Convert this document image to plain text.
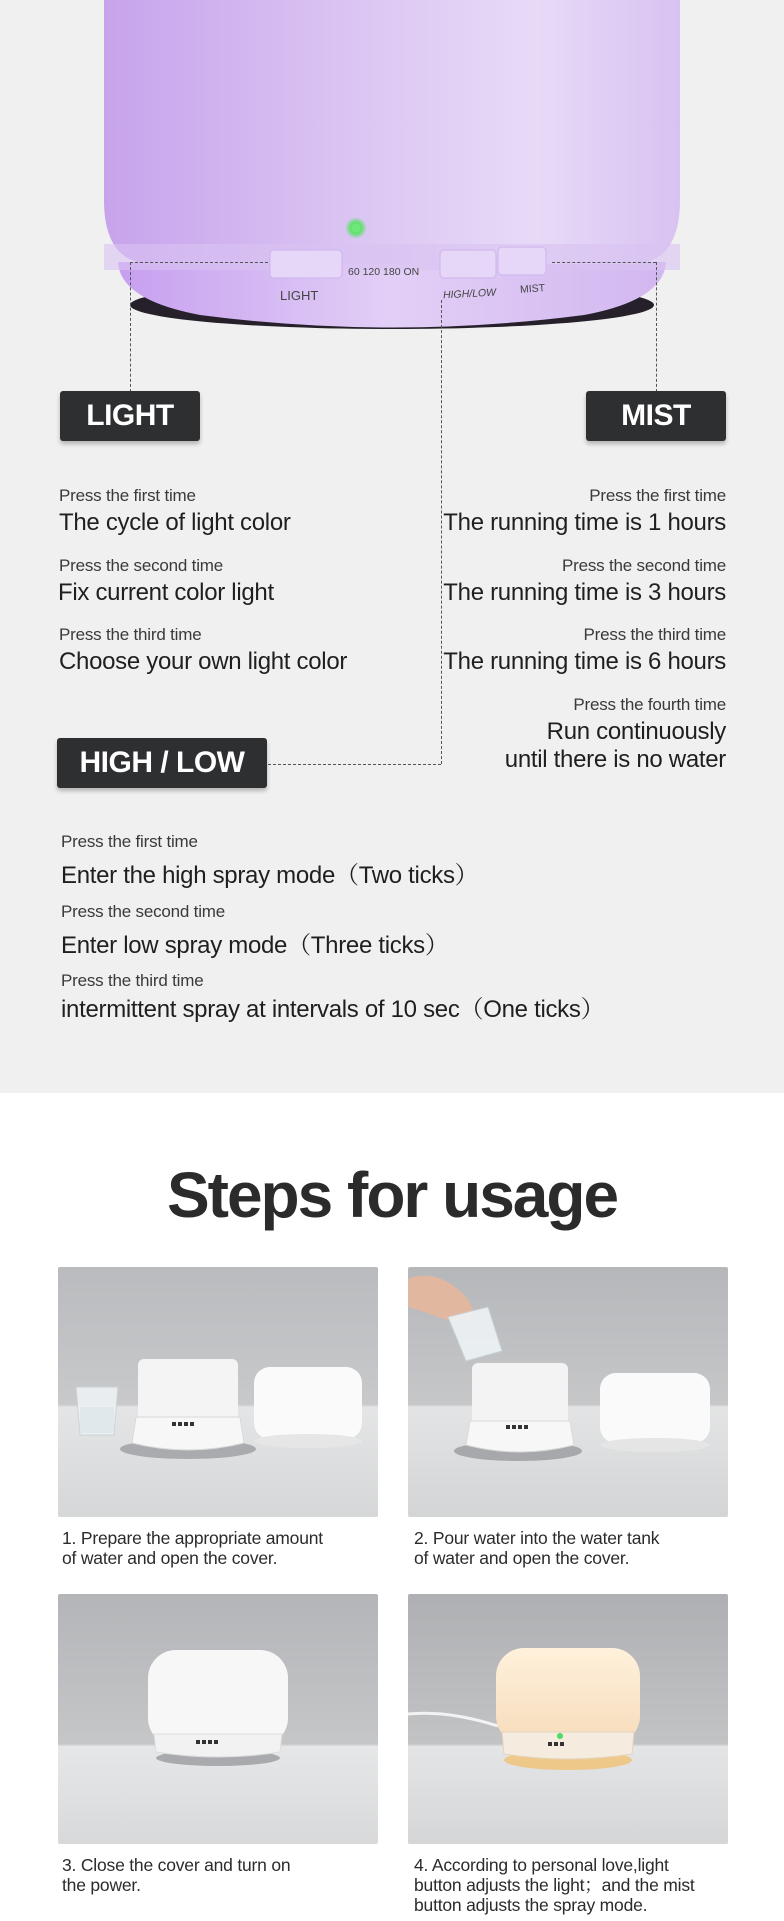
60 120 180 ON
LIGHT	HIGH/LOW MIST
LIGHT
Press the first time
The cycle of light color
Press the second time
Fix current color light
Press the third time
Choose your own light color
MIST
Press the first time
The running time is 1 hours
Press the second time
The running time is 3 hours
Press the third time
The running time is 6 hours
Press the fourth time
Run continuously
until there is no water
HIGH / LOW
Press the first time
Enter the high spray mode（Two ticks）
Press the second time
Enter low spray mode（Three ticks）
Press the third time
intermittent spray at intervals of 10 sec（One ticks）
Steps for usage
1. Prepare the appropriate amount
of water and open the cover.
2. Pour water into the water tank
of water and open the cover.
3. Close the cover and turn on
the power.
4. According to personal love,light
button adjusts the light；and the mist
button adjusts the spray mode.
